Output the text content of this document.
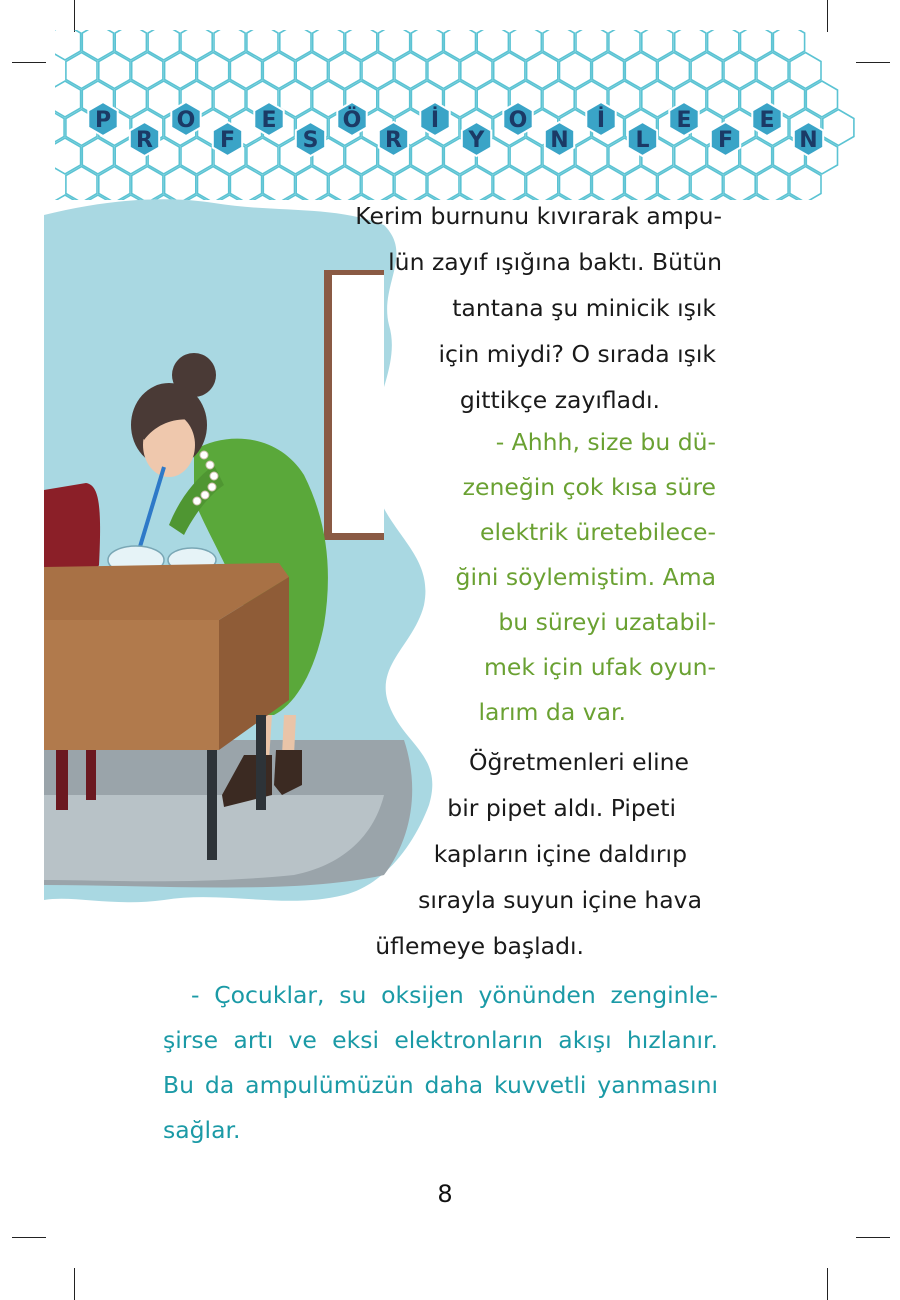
P
R
O
F
E
S
Ö
R
İ
Y
O
N
İ
L
E
F
E
N
Kerim burnunu kıvırarak ampu-
lün zayıf ışığına baktı. Bütün
tantana şu minicik ışık
için miydi? O sırada ışık
gittikçe zayıfladı.
- Ahhh, size bu dü-
zeneğin çok kısa süre
elektrik üretebilece-
ğini söylemiştim. Ama
bu süreyi uzatabil-
mek için ufak oyun-
larım da var.
Öğretmenleri eline
bir pipet aldı. Pipeti
kapların içine daldırıp
sırayla suyun içine hava
üflemeye başladı.
- Çocuklar, su oksijen yönünden zenginle-
şirse artı ve eksi elektronların akışı hızlanır.
Bu da ampulümüzün daha kuvvetli yanmasını
sağlar.
8
